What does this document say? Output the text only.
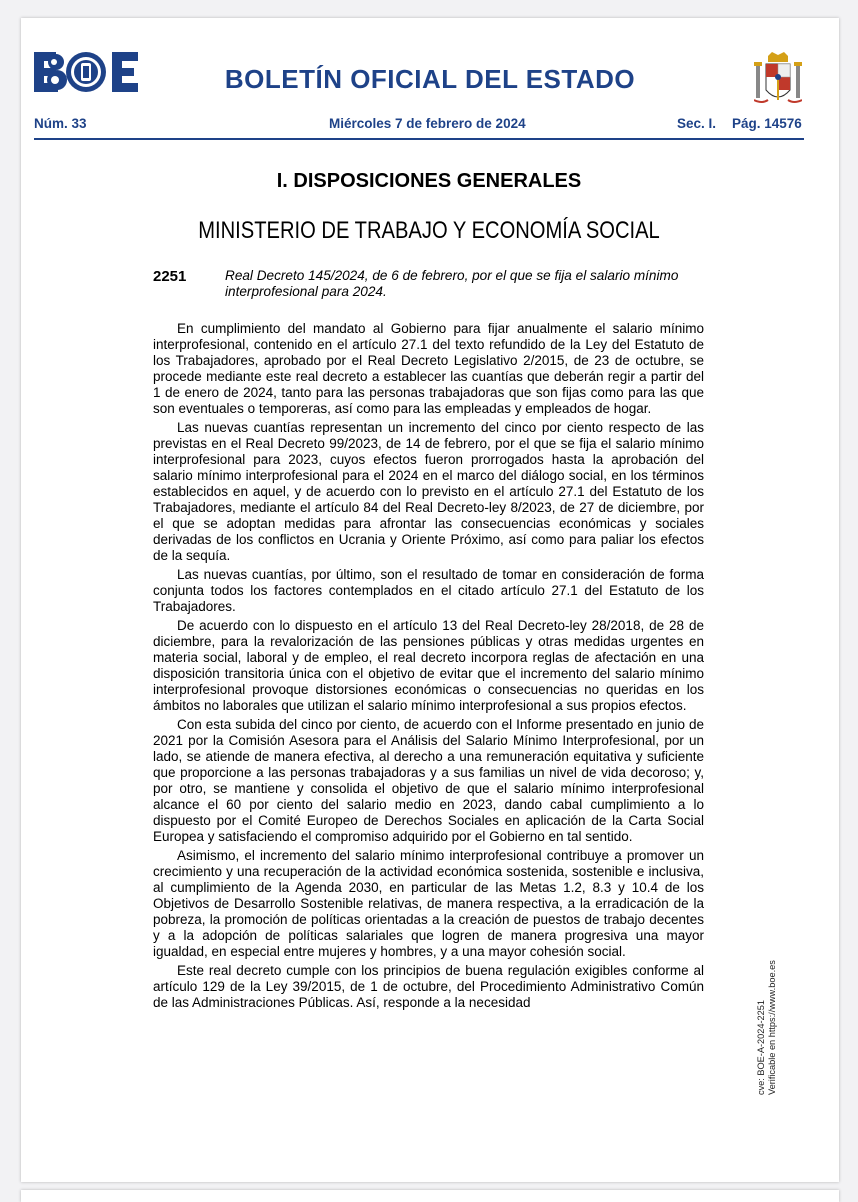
BOLETÍN OFICIAL DEL ESTADO
Núm. 33	Miércoles 7 de febrero de 2024	Sec. I. Pág. 14576
I. DISPOSICIONES GENERALES
MINISTERIO DE TRABAJO Y ECONOMÍA SOCIAL
2251	Real Decreto 145/2024, de 6 de febrero, por el que se fija el salario mínimo interprofesional para 2024.

En cumplimiento del mandato al Gobierno para fijar anualmente el salario mínimo interprofesional, contenido en el artículo 27.1 del texto refundido de la Ley del Estatuto de los Trabajadores, aprobado por el Real Decreto Legislativo 2/2015, de 23 de octubre, se procede mediante este real decreto a establecer las cuantías que deberán regir a partir del 1 de enero de 2024, tanto para las personas trabajadoras que son fijas como para las que son eventuales o temporeras, así como para las empleadas y empleados de hogar.

Las nuevas cuantías representan un incremento del cinco por ciento respecto de las previstas en el Real Decreto 99/2023, de 14 de febrero, por el que se fija el salario mínimo interprofesional para 2023, cuyos efectos fueron prorrogados hasta la aprobación del salario mínimo interprofesional para el 2024 en el marco del diálogo social, en los términos establecidos en aquel, y de acuerdo con lo previsto en el artículo 27.1 del Estatuto de los Trabajadores, mediante el artículo 84 del Real Decreto-ley 8/2023, de 27 de diciembre, por el que se adoptan medidas para afrontar las consecuencias económicas y sociales derivadas de los conflictos en Ucrania y Oriente Próximo, así como para paliar los efectos de la sequía.

Las nuevas cuantías, por último, son el resultado de tomar en consideración de forma conjunta todos los factores contemplados en el citado artículo 27.1 del Estatuto de los Trabajadores.

De acuerdo con lo dispuesto en el artículo 13 del Real Decreto-ley 28/2018, de 28 de diciembre, para la revalorización de las pensiones públicas y otras medidas urgentes en materia social, laboral y de empleo, el real decreto incorpora reglas de afectación en una disposición transitoria única con el objetivo de evitar que el incremento del salario mínimo interprofesional provoque distorsiones económicas o consecuencias no queridas en los ámbitos no laborales que utilizan el salario mínimo interprofesional a sus propios efectos.

Con esta subida del cinco por ciento, de acuerdo con el Informe presentado en junio de 2021 por la Comisión Asesora para el Análisis del Salario Mínimo Interprofesional, por un lado, se atiende de manera efectiva, al derecho a una remuneración equitativa y suficiente que proporcione a las personas trabajadoras y a sus familias un nivel de vida decoroso; y, por otro, se mantiene y consolida el objetivo de que el salario mínimo interprofesional alcance el 60 por ciento del salario medio en 2023, dando cabal cumplimiento a lo dispuesto por el Comité Europeo de Derechos Sociales en aplicación de la Carta Social Europea y satisfaciendo el compromiso adquirido por el Gobierno en tal sentido.

Asimismo, el incremento del salario mínimo interprofesional contribuye a promover un crecimiento y una recuperación de la actividad económica sostenida, sostenible e inclusiva, al cumplimiento de la Agenda 2030, en particular de las Metas 1.2, 8.3 y 10.4 de los Objetivos de Desarrollo Sostenible relativas, de manera respectiva, a la erradicación de la pobreza, la promoción de políticas orientadas a la creación de puestos de trabajo decentes y a la adopción de políticas salariales que logren de manera progresiva una mayor igualdad, en especial entre mujeres y hombres, y a una mayor cohesión social.

Este real decreto cumple con los principios de buena regulación exigibles conforme al artículo 129 de la Ley 39/2015, de 1 de octubre, del Procedimiento Administrativo Común de las Administraciones Públicas. Así, responde a la necesidad	cve: BOE-A-2024-2251 Verificable en https://www.boe.es
